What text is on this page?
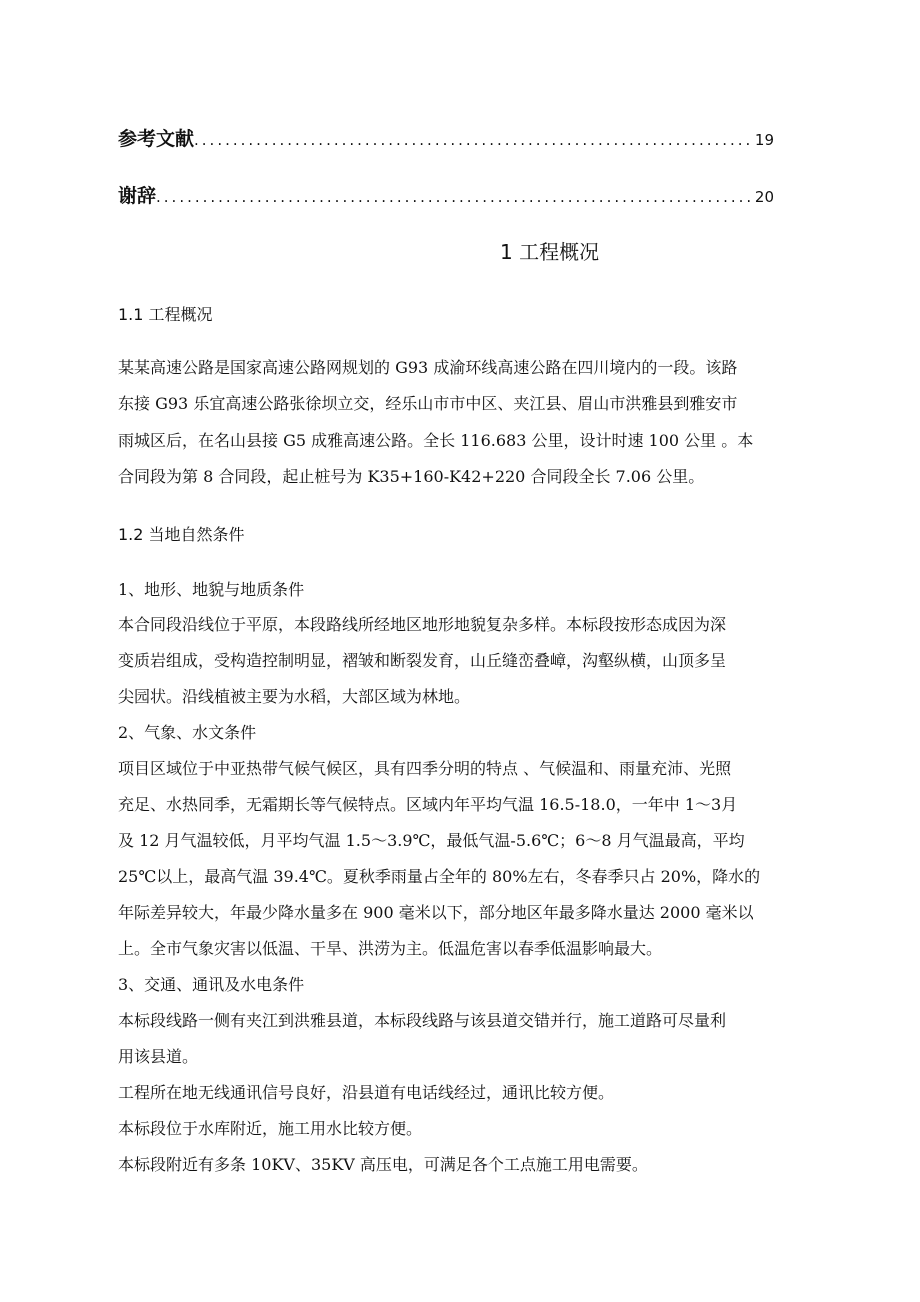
参考文献 .....	19
谢辞 .....	20
1 工程概况
1.1 工程概况
某某高速公路是国家高速公路网规划的 G93 成渝环线高速公路在四川境内的一段。该路
东接 G93 乐宜高速公路张徐坝立交，经乐山市市中区、夹江县、眉山市洪雅县到雅安市
雨城区后，在名山县接 G5 成雅高速公路。全长 116.683 公里，设计时速 100 公里 。本
合同段为第 8 合同段，起止桩号为 K35+160-K42+220 合同段全长 7.06 公里。
1.2 当地自然条件
1、地形、地貌与地质条件
本合同段沿线位于平原，本段路线所经地区地形地貌复杂多样。本标段按形态成因为深
变质岩组成，受构造控制明显，褶皱和断裂发育，山丘缝峦叠嶂，沟壑纵横，山顶多呈
尖园状。沿线植被主要为水稻，大部区域为林地。
2、气象、水文条件
项目区域位于中亚热带气候气候区，具有四季分明的特点 、气候温和、雨量充沛、光照
充足、水热同季，无霜期长等气候特点。区域内年平均气温 16.5-18.0，一年中 1～3月
及 12 月气温较低，月平均气温 1.5～3.9℃，最低气温-5.6℃；6～8 月气温最高，平均
25℃以上，最高气温 39.4℃。夏秋季雨量占全年的 80%左右，冬春季只占 20%，降水的
年际差异较大，年最少降水量多在 900 毫米以下，部分地区年最多降水量达 2000 毫米以
上。全市气象灾害以低温、干旱、洪涝为主。低温危害以春季低温影响最大。
3、交通、通讯及水电条件
本标段线路一侧有夹江到洪雅县道，本标段线路与该县道交错并行，施工道路可尽量利
用该县道。
工程所在地无线通讯信号良好，沿县道有电话线经过，通讯比较方便。
本标段位于水库附近，施工用水比较方便。
本标段附近有多条 10KV、35KV 高压电，可满足各个工点施工用电需要。
